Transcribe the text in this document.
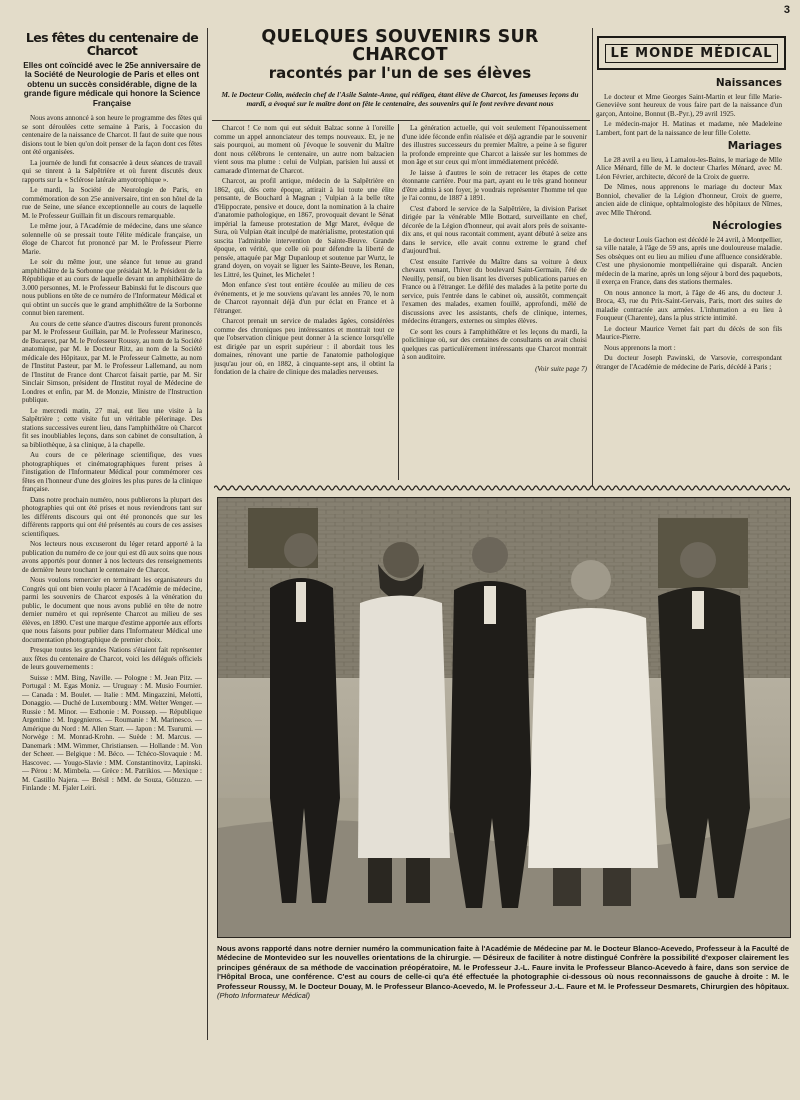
3
Les fêtes du centenaire de Charcot
Elles ont coïncidé avec le 25e anniversaire de la Société de Neurologie de Paris et elles ont obtenu un succès considérable, digne de la grande figure médicale qui honore la Science Française

Nous avons annoncé à son heure le programme des fêtes qui se sont déroulées cette semaine à Paris, à l'occasion du centenaire de la naissance de Charcot. Il faut de suite que nous disions tout le bien qu'on doit penser de la façon dont ces fêtes ont été organisées.

La journée de lundi fut consacrée à deux séances de travail qui se tinrent à la Salpêtrière et où furent discutés deux rapports sur la « Sclérose latérale amyotrophique ».

Le mardi, la Société de Neurologie de Paris, en commémoration de son 25e anniversaire, tint en son hôtel de la rue de Seine, une séance exceptionnelle au cours de laquelle M. le Professeur Guillain fit un discours remarquable.

Le même jour, à l'Académie de médecine, dans une séance solennelle où se pressait toute l'élite médicale française, un éloge de Charcot fut prononcé par M. le Professeur Pierre Marie.

Le soir du même jour, une séance fut tenue au grand amphithéâtre de la Sorbonne que présidait M. le Président de la République et au cours de laquelle devant un amphithéâtre de 3.000 personnes, M. le Professeur Babinski fut le discours que nous publions en tête de ce numéro de l'Informateur Médical et qui obtint un succès que le grand amphithéâtre de la Sorbonne connut bien rarement.

Au cours de cette séance d'autres discours furent prononcés par M. le Professeur Guillain, par M. le Professeur Marinesco, de Bucarest, par M. le Professeur Roussy, au nom de la Société anatomique, par M. le Docteur Ritz, au nom de la Société médicale des Hôpitaux, par M. le Professeur Calmette, au nom de l'Institut Pasteur, par M. le Professeur Lallemand, au nom de l'Institut de France dont Charcot faisait partie, par M. Sir Sinclair Simson, président de l'Institut royal de Médecine de Londres et enfin, par M. de Monzie, Ministre de l'Instruction publique.

Le mercredi matin, 27 mai, eut lieu une visite à la Salpêtrière ; cette visite fut un véritable pèlerinage. Des stations successives eurent lieu, dans l'amphithéâtre où Charcot fit ses inoubliables leçons, dans son cabinet de consultation, à sa bibliothèque, à sa clinique, à la chapelle.

Au cours de ce pèlerinage scientifique, des vues photographiques et cinématographiques furent prises à l'instigation de l'Informateur Médical pour commémorer ces fêtes en l'honneur d'une des gloires les plus pures de la clinique française.

Dans notre prochain numéro, nous publierons la plupart des photographies qui ont été prises et nous reviendrons tant sur les différents discours qui ont été prononcés que sur les différents rapports qui ont été présentés au cours de ces assises scientifiques.

Nos lecteurs nous excuseront du léger retard apporté à la publication du numéro de ce jour qui est dû aux soins que nous avons apportés pour donner à nos lecteurs des renseignements de dernière heure touchant le centenaire de Charcot.

Nous voulons remercier en terminant les organisateurs du Congrès qui ont bien voulu placer à l'Académie de médecine, parmi les souvenirs de Charcot exposés à la vénération du public, le document que nous avons publié en tête de notre dernier numéro et qui représente Charcot au milieu de ses élèves, en 1890. C'est une marque d'estime apportée aux efforts que nous faisons pour publier dans l'Informateur Médical une documentation photographique de premier choix.

Presque toutes les grandes Nations s'étaient fait représenter aux fêtes du centenaire de Charcot, voici les délégués officiels de leurs gouvernements :

Suisse : MM. Bing, Naville. — Pologne : M. Jean Pitz. — Portugal : M. Egas Moniz. — Uruguay : M. Musio Fournier. — Canada : M. Boulet. — Italie : MM. Mingazzini, Melotti, Donaggio. — Duché de Luxembourg : MM. Welter Wenger. — Russie : M. Minor. — Esthonie : M. Poussep. — République Argentine : M. Ingegnieros. — Roumanie : M. Marinesco. — Amérique du Nord : M. Allen Starr. — Japon : M. Tsurumi. — Norwège : M. Monrad-Krohn. — Suède : M. Marcus. — Danemark : MM. Wimmer, Christiansen. — Hollande : M. Von der Scheer. — Belgique : M. Béco. — Tchéco-Slovaquie : M. Hascovec. — Yougo-Slavie : MM. Constantinovitz, Lapinski. — Pérou : M. Mimbela. — Grèce : M. Patrikios. — Mexique : M. Castillo Najera. — Brésil : MM. de Souza, Götuzzo. — Finlande : M. Fjaler Leiri.

QUELQUES SOUVENIRS SUR CHARCOT
racontés par l'un de ses élèves
M. le Docteur Colin, médecin chef de l'Asile Sainte-Anne, qui rédigea, étant élève de Charcot, les fameuses leçons du mardi, a évoqué sur le maître dont on fête le centenaire, des souvenirs qui le font revivre devant nous

Charcot ! Ce nom qui eut séduit Balzac sonne à l'oreille comme un appel annonciateur des temps nouveaux. Et, je ne sais pourquoi, au moment où j'évoque le souvenir du Maître dont nous célébrons le centenaire, un autre nom balzacien vient sous ma plume : celui de Vulpian, parisien lui aussi et camarade d'internat de Charcot.

Charcot, au profil antique, médecin de la Salpêtrière en 1862, qui, dès cette époque, attirait à lui toute une élite pensante, de Bouchard à Magnan ; Vulpian à la belle tête d'Hippocrate, pensive et douce, dont la nomination à la chaire d'anatomie pathologique, en 1867, provoquait devant le Sénat impérial la fameuse protestation de Mgr Maret, évêque de Sura, où Vulpian était inculpé de matérialisme, protestation qui suscita l'admirable intervention de Sainte-Beuve. Grande époque, en vérité, que celle où pour défendre la liberté de pensée, attaquée par Mgr Dupanloup et soutenue par Wurtz, le grand doyen, on voyait se liguer les Sainte-Beuve, les Renan, les Littré, les Quinet, les Michelet !

Mon enfance s'est tout entière écoulée au milieu de ces événements, et je me souviens qu'avant les années 70, le nom de Charcot rayonnait déjà d'un pur éclat en France et à l'étranger.

Charcot prenait un service de malades âgées, considérées comme des chroniques peu intéressantes et montrait tout ce que l'observation clinique peut donner à la science lorsqu'elle est dirigée par un esprit supérieur : il abordait tous les domaines, rénovant une partie de l'anatomie pathologique jusqu'au jour où, en 1882, à cinquante-sept ans, il obtint la fondation de la chaire de clinique des maladies nerveuses.

La génération actuelle, qui voit seulement l'épanouissement d'une idée féconde enfin réalisée et déjà agrandie par le souvenir des illustres successeurs du premier Maître, a peine à se figurer la profonde empreinte que Charcot a laissée sur les hommes de mon âge et sur ceux qui m'ont immédiatement précédé.

Je laisse à d'autres le soin de retracer les étapes de cette étonnante carrière. Pour ma part, ayant eu le très grand honneur d'être admis à son foyer, je voudrais représenter l'homme tel que je l'ai connu, de 1887 à 1891.

C'est d'abord le service de la Salpêtrière, la division Pariset dirigée par la vénérable Mlle Bottard, surveillante en chef, décorée de la Légion d'honneur, qui avait alors près de soixante-dix ans, et qui nous racontait comment, ayant débuté à seize ans dans le service, elle avait connu extreme le grand chef d'aujourd'hui.

C'est ensuite l'arrivée du Maître dans sa voiture à deux chevaux venant, l'hiver du boulevard Saint-Germain, l'été de Neuilly, pensif, ou bien lisant les diverses publications parues en France ou à l'étranger. Le défilé des malades à la petite porte du service, puis l'entrée dans le cabinet où, aussitôt, commençait l'examen des malades, examen fouillé, approfondi, mêlé de discussions avec les assistants, chefs de clinique, internes, médecins étrangers, externes ou simples élèves.

Ce sont les cours à l'amphithéâtre et les leçons du mardi, la policlinique où, sur des centaines de consultants on avait choisi quelques cas particulièrement intéressants que Charcot montrait à son auditoire.

(Voir suite page 7)
LE MONDE MÉDICAL
Naissances

Le docteur et Mme Georges Saint-Martin et leur fille Marie-Geneviève sont heureux de vous faire part de la naissance d'un garçon, Antoine, Bonnut (B.-Pyr.), 29 avril 1925.

Le médecin-major H. Matinas et madame, née Madeleine Lambert, font part de la naissance de leur fille Colette.

Mariages

Le 28 avril a eu lieu, à Lamalou-les-Bains, le mariage de Mlle Alice Ménard, fille de M. le docteur Charles Ménard, avec M. Léon Février, architecte, décoré de la Croix de guerre.

De Nîmes, nous apprenons le mariage du docteur Max Bonniol, chevalier de la Légion d'honneur, Croix de guerre, ancien aide de clinique, ophtalmologiste des hôpitaux de Nîmes, avec Mlle Thérond.

Nécrologies

Le docteur Louis Gachon est décédé le 24 avril, à Montpellier, sa ville natale, à l'âge de 59 ans, après une douloureuse maladie. Ses obsèques ont eu lieu au milieu d'une affluence considérable. C'est une physionomie montpelliéraine qui disparaît. Ancien médecin de la marine, après un long séjour à bord des paquebots, il exerça en France, dans des stations thermales.

On nous annonce la mort, à l'âge de 46 ans, du docteur J. Broca, 43, rue du Prix-Saint-Gervais, Paris, mort des suites de maladie contractée aux armées. L'inhumation a eu lieu à Fouqueur (Charente), dans la plus stricte intimité.

Le docteur Maurice Vernet fait part du décès de son fils Maurice-Pierre.

Nous apprenons la mort :

Du docteur Joseph Pawinski, de Varsovie, correspondant étranger de l'Académie de médecine de Paris, décédé à Paris ;

Nous avons rapporté dans notre dernier numéro la communication faite à l'Académie de Médecine par M. le Docteur Blanco-Acevedo, Professeur à la Faculté de Médecine de Montevideo sur les nouvelles orientations de la chirurgie. — Désireux de faciliter à notre distingué Confrère la possibilité d'exposer clairement les principes généraux de sa méthode de vaccination préopératoire, M. le Professeur J.-L. Faure invita le Professeur Blanco-Acevedo à faire, dans son service de l'Hôpital Broca, une conférence. C'est au cours de celle-ci qu'a été effectuée la photographie ci-dessous où nous reconnaissons de gauche à droite : M. le Professeur Roussy, M. le Docteur Douay, M. le Professeur Blanco-Acevedo, M. le Professeur J.-L. Faure et M. le Professeur Desmarets, Chirurgien des hôpitaux. (Photo Informateur Médical)
